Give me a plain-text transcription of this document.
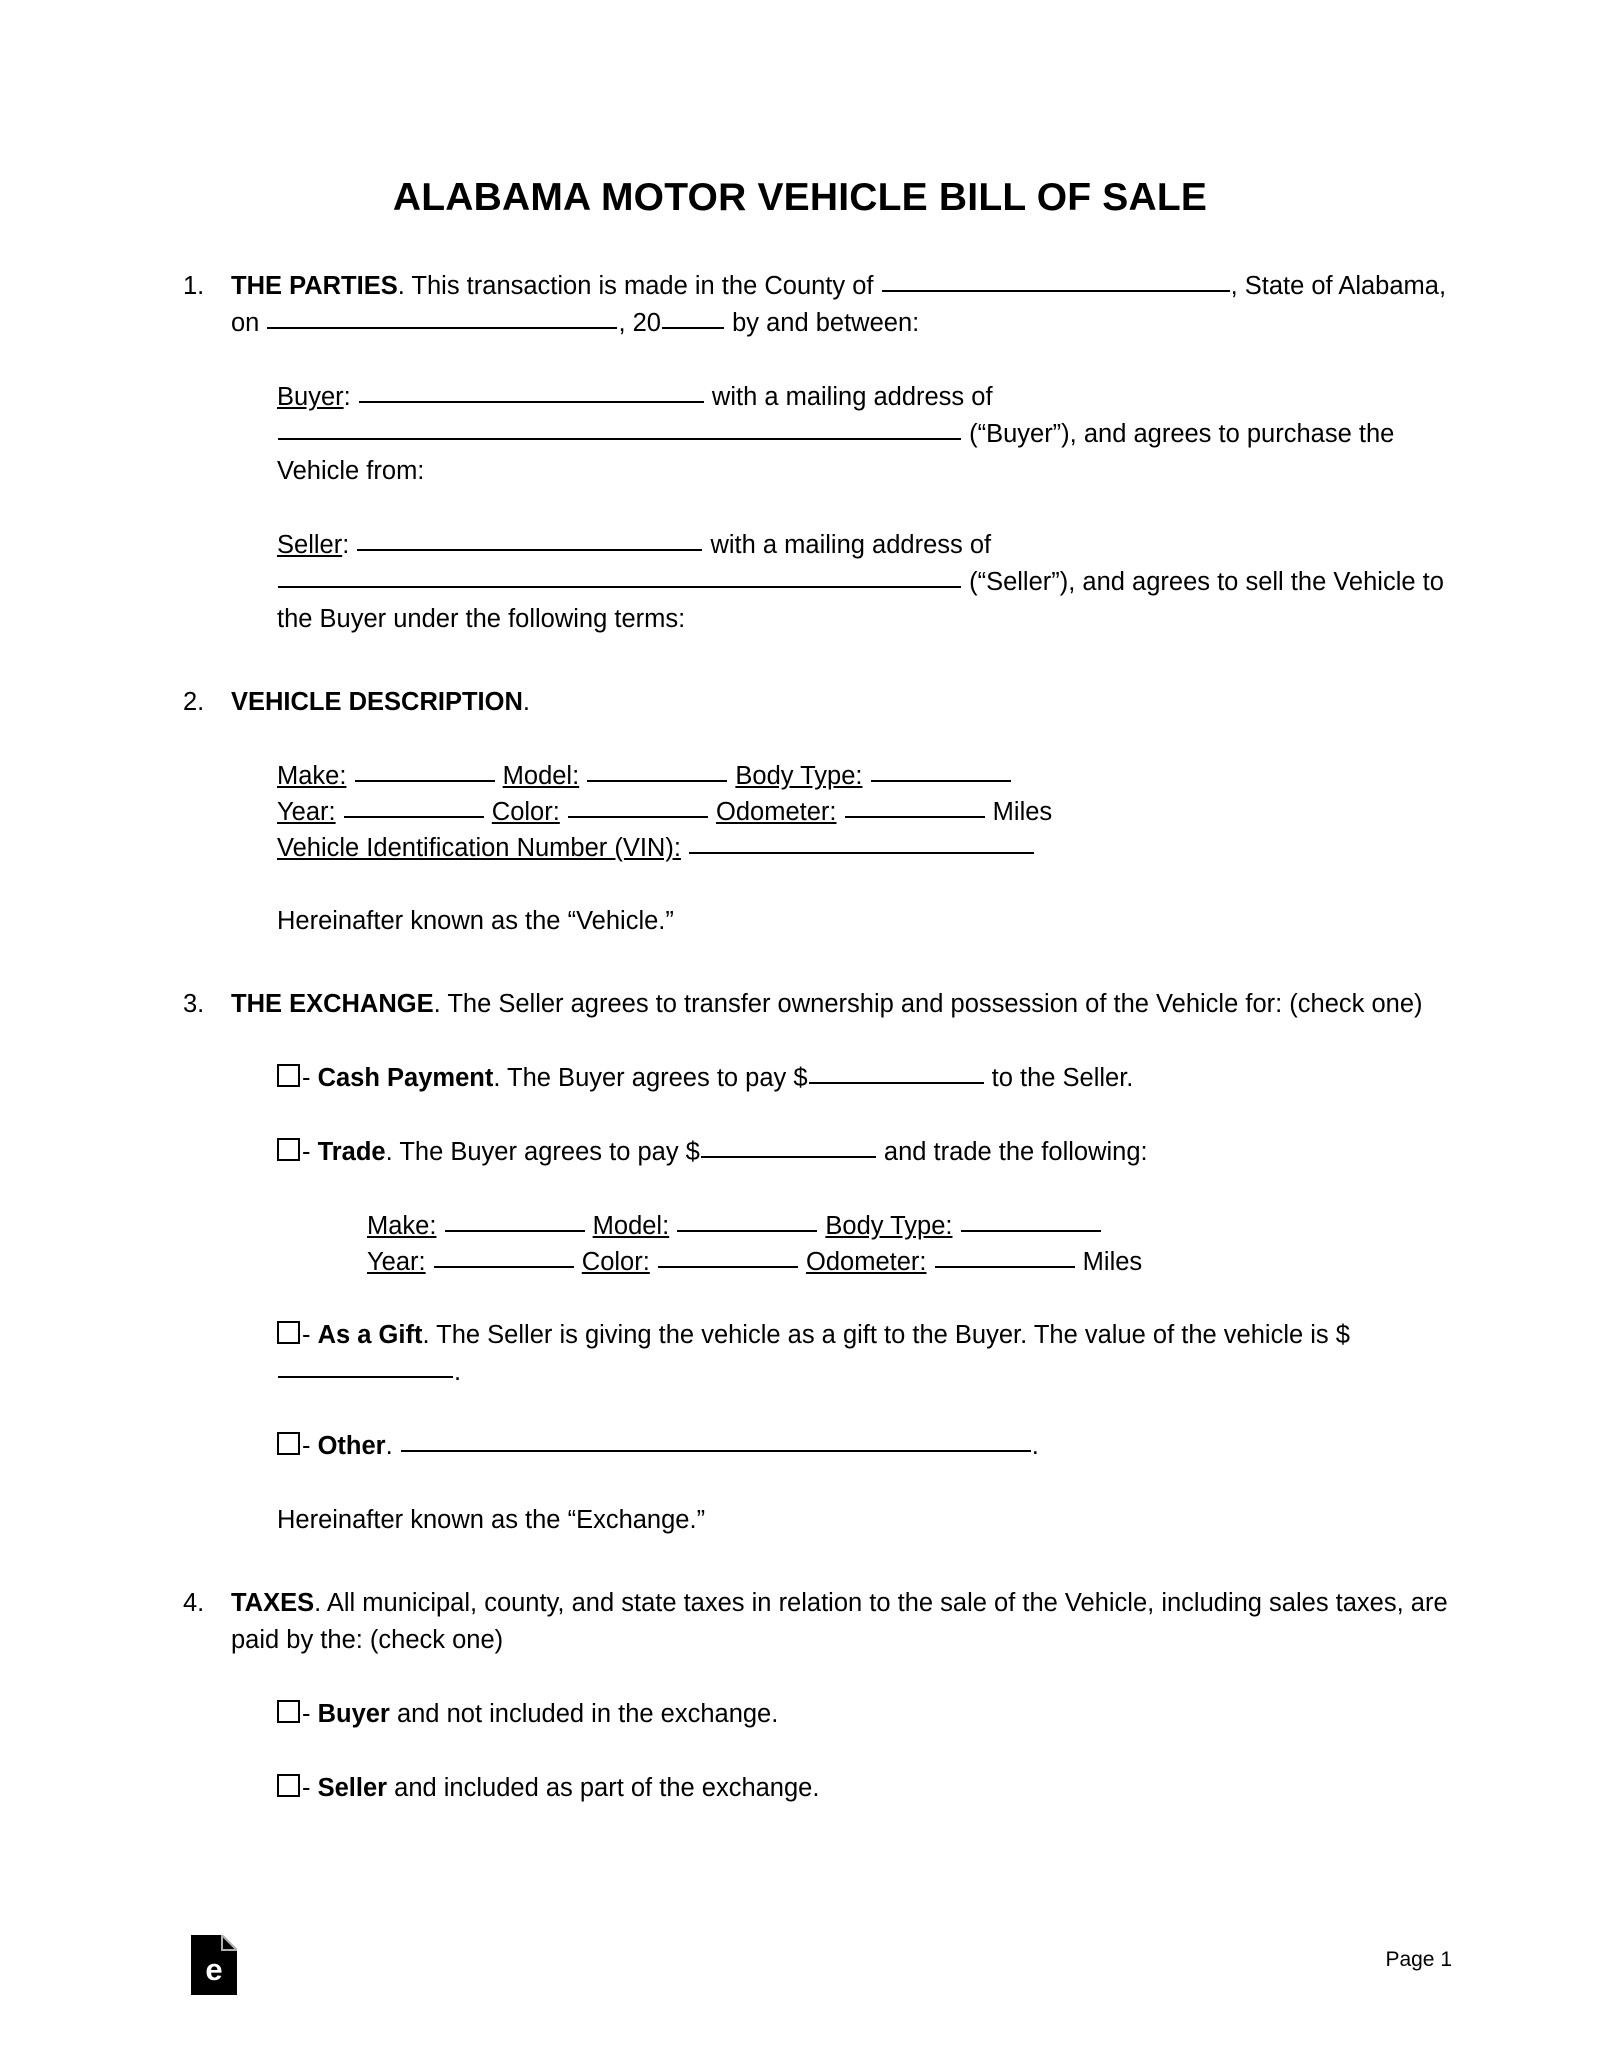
ALABAMA MOTOR VEHICLE BILL OF SALE
1.	THE PARTIES. This transaction is made in the County of	, State of Alabama, on	, 20	by and between:
Buyer:	with a mailing address of  (“Buyer”), and agrees to purchase the Vehicle from:
Seller:	with a mailing address of  (“Seller”), and agrees to sell the Vehicle to the Buyer under the following terms:
2.	VEHICLE DESCRIPTION.
Make:	Model:	Body Type:
Year:	Color:	Odometer:	Miles
Vehicle Identification Number (VIN):
Hereinafter known as the “Vehicle.”
3.	THE EXCHANGE. The Seller agrees to transfer ownership and possession of the Vehicle for: (check one)
- Cash Payment. The Buyer agrees to pay $	to the Seller.
- Trade. The Buyer agrees to pay $	and trade the following:
Make:	Model:	Body Type:
Year:	Color:	Odometer:	Miles
- As a Gift. The Seller is giving the vehicle as a gift to the Buyer. The value of the vehicle is $.
- Other.	.
Hereinafter known as the “Exchange.”
4.	TAXES. All municipal, county, and state taxes in relation to the sale of the Vehicle, including sales taxes, are paid by the: (check one)
- Buyer and not included in the exchange.
- Seller and included as part of the exchange.
e	Page 1
